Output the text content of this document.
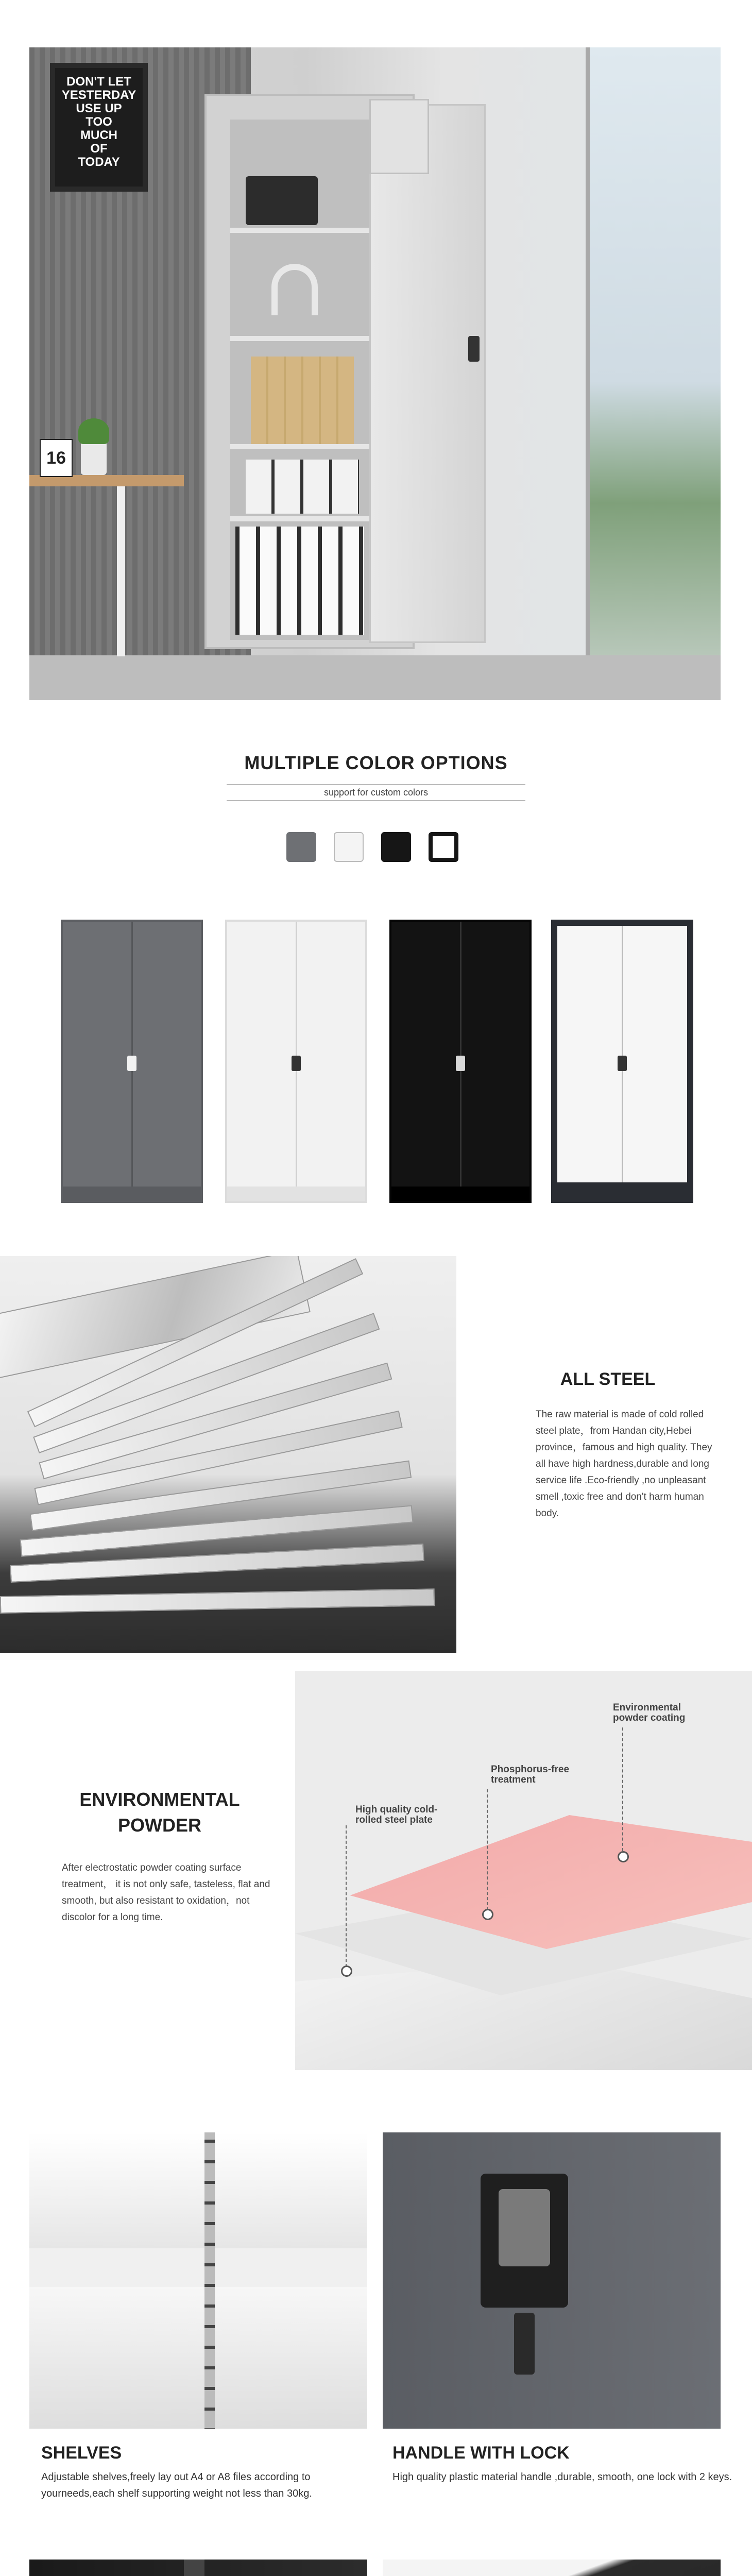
DON'T LET
YESTERDAY
USE UP
TOO
MUCH
OF
TODAY
16
MULTIPLE COLOR OPTIONS
support for custom colors
ALL STEEL
The raw material is made of cold rolled steel plate，from Handan city,Hebei province，famous and high quality. They all have high hardness,durable and long service life .Eco-friendly ,no unpleasant smell ,toxic free and don't harm human body.
ENVIRONMENTAL
POWDER
After electrostatic powder coating surface treatment， it is not only safe, tasteless, flat and smooth, but also resistant to oxidation，not discolor for a long time.
Environmental powder coating
Phosphorus-free treatment
High quality cold-rolled steel plate
SHELVES
Adjustable shelves,freely lay out A4 or A8 files according to yourneeds,each shelf supporting weight not less than 30kg.
HANDLE WITH LOCK
High quality plastic material handle ,durable, smooth, one lock with 2 keys.
